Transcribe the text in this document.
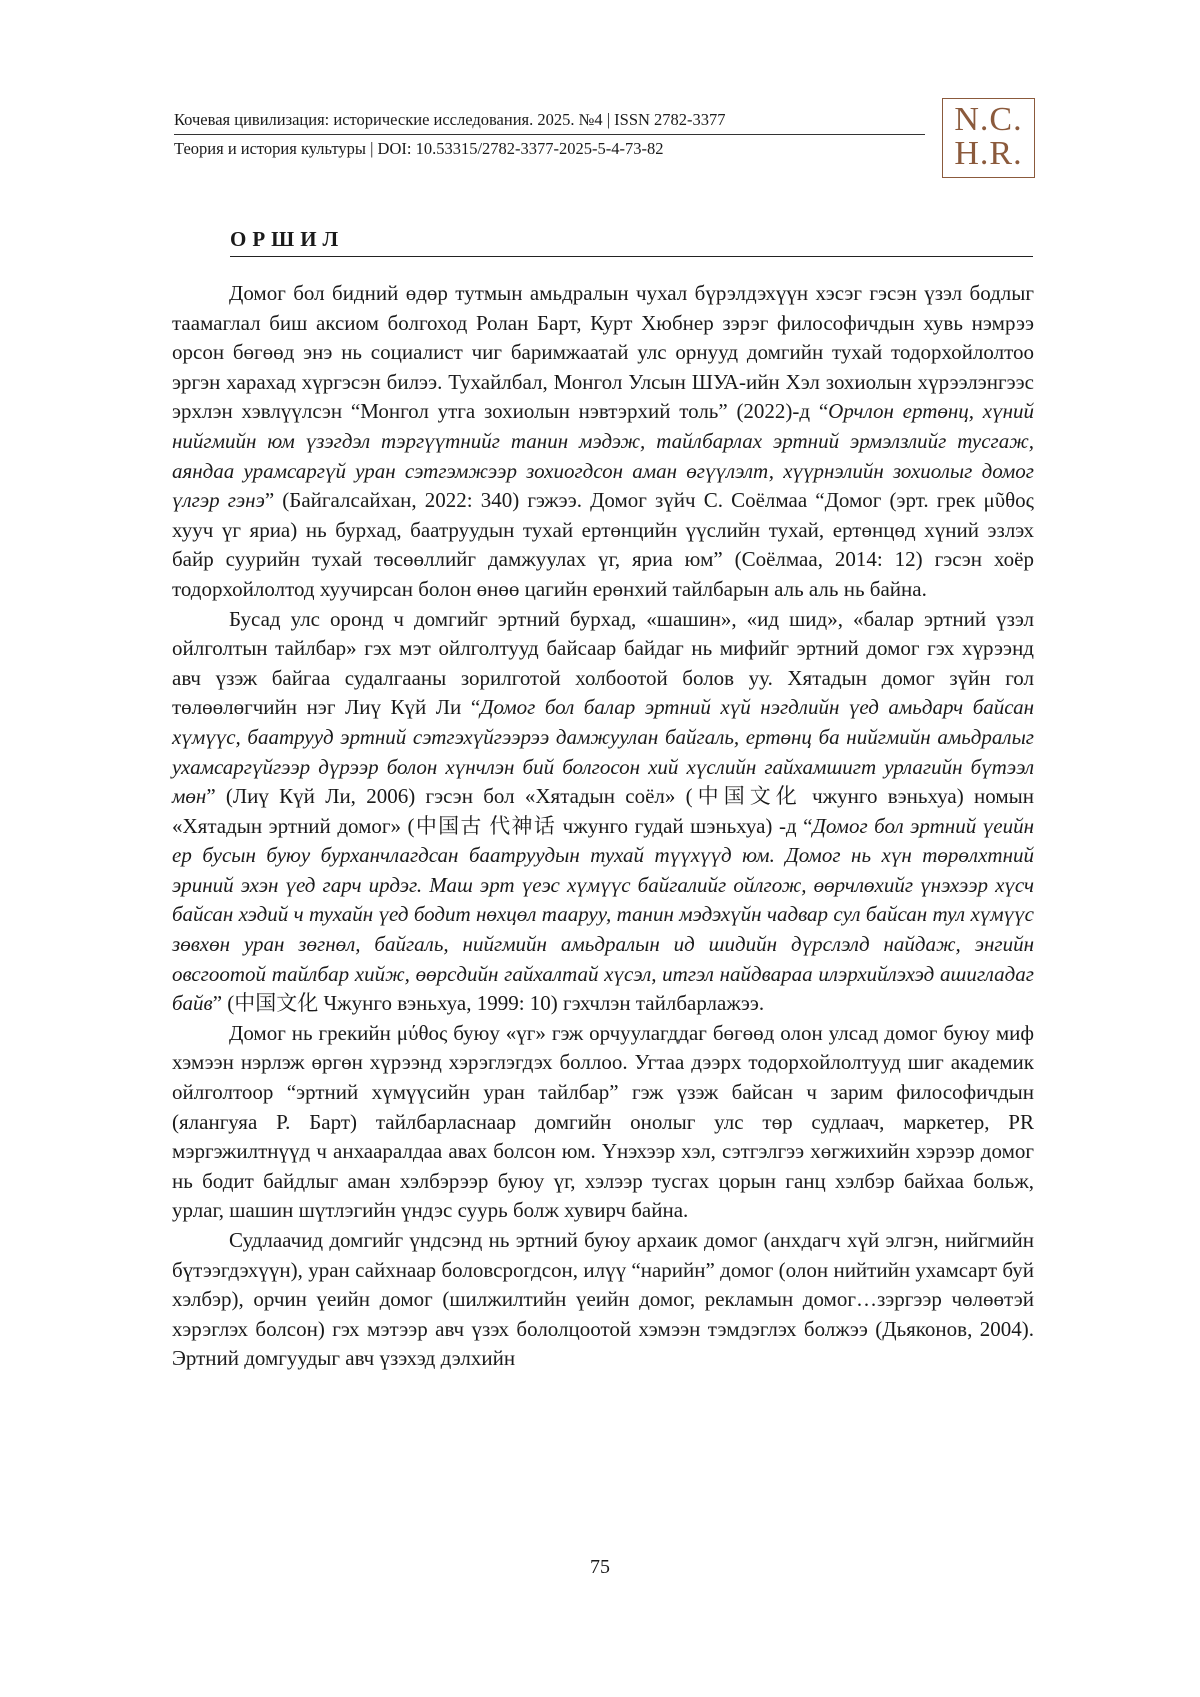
Кочевая цивилизация: исторические исследования. 2025. №4 | ISSN 2782-3377
Теория и история культуры | DOI: 10.53315/2782-3377-2025-5-4-73-82
N.C.
H.R.
ОРШИЛ

Домог бол бидний өдөр тутмын амьдралын чухал бүрэлдэхүүн хэсэг гэсэн үзэл бодлыг таамаглал биш аксиом болгоход Ролан Барт, Курт Хюбнер зэрэг философичдын хувь нэмрээ орсон бөгөөд энэ нь социалист чиг баримжаатай улс орнууд домгийн тухай тодорхойлолтоо эргэн харахад хүргэсэн билээ. Тухайлбал, Монгол Улсын ШУА-ийн Хэл зохиолын хүрээлэнгээс эрхлэн хэвлүүлсэн “Монгол утга зохиолын нэвтэрхий толь” (2022)-д “Орчлон ертөнц, хүний нийгмийн юм үзэгдэл тэргүүтнийг танин мэдэж, тайлбарлах эртний эрмэлзлийг тусгаж, аяндаа урамсаргүй уран сэтгэмжээр зохиогдсон аман өгүүлэлт, хүүрнэлийн зохиолыг домог үлгэр гэнэ” (Байгалсайхан, 2022: 340) гэжээ. Домог зүйч С. Соёлмаа “Домог (эрт. грек μῦθος хууч үг яриа) нь бурхад, баатруудын тухай ертөнцийн үүслийн тухай, ертөнцөд хүний эзлэх байр суурийн тухай төсөөллийг дамжуулах үг, яриа юм” (Соёлмаа, 2014: 12) гэсэн хоёр тодорхойлолтод хуучирсан болон өнөө цагийн ерөнхий тайлбарын аль аль нь байна.

Бусад улс оронд ч домгийг эртний бурхад, «шашин», «ид шид», «балар эртний үзэл ойлголтын тайлбар» гэх мэт ойлголтууд байсаар байдаг нь мифийг эртний домог гэх хүрээнд авч үзэж байгаа судалгааны зорилготой холбоотой болов уу. Хятадын домог зүйн гол төлөөлөгчийн нэг Лиү Күй Ли “Домог бол балар эртний хүй нэгдлийн үед амьдарч байсан хүмүүс, баатрууд эртний сэтгэхүйгээрээ дамжуулан байгаль, ертөнц ба нийгмийн амьдралыг ухамсаргүйгээр дүрээр болон хүнчлэн бий болгосон хий хүслийн гайхамшигт урлагийн бүтээл мөн” (Лиү Күй Ли, 2006) гэсэн бол «Хятадын соёл» (中国文化 чжунго вэньхуа) номын «Хятадын эртний домог» (中国古 代神话 чжунго гудай шэньхуа) -д “Домог бол эртний үеийн ер бусын буюу бурханчлагдсан баатруудын тухай түүхүүд юм. Домог нь хүн төрөлхтний эриний эхэн үед гарч ирдэг. Маш эрт үеэс хүмүүс байгалийг ойлгож, өөрчлөхийг үнэхээр хүсч байсан хэдий ч тухайн үед бодит нөхцөл тааруу, танин мэдэхүйн чадвар сул байсан тул хүмүүс зөвхөн уран зөгнөл, байгаль, нийгмийн амьдралын ид шидийн дүрслэлд найдаж, энгийн овсгоотой тайлбар хийж, өөрсдийн гайхалтай хүсэл, итгэл найдвараа илэрхийлэхэд ашигладаг байв” (中国文化 Чжунго вэньхуа, 1999: 10) гэхчлэн тайлбарлажээ.

Домог нь грекийн μύθος буюу «үг» гэж орчуулагддаг бөгөөд олон улсад домог буюу миф хэмээн нэрлэж өргөн хүрээнд хэрэглэгдэх боллоо. Угтаа дээрх тодорхойлолтууд шиг академик ойлголтоор “эртний хүмүүсийн уран тайлбар” гэж үзэж байсан ч зарим философичдын (ялангуяа Р. Барт) тайлбарласнаар домгийн онолыг улс төр судлаач, маркетер, PR мэргэжилтнүүд ч анхааралдаа авах болсон юм. Үнэхээр хэл, сэтгэлгээ хөгжихийн хэрээр домог нь бодит байдлыг аман хэлбэрээр буюу үг, хэлээр тусгах цорын ганц хэлбэр байхаа больж, урлаг, шашин шүтлэгийн үндэс суурь болж хувирч байна.

Судлаачид домгийг үндсэнд нь эртний буюу архаик домог (анхдагч хүй элгэн, нийгмийн бүтээгдэхүүн), уран сайхнаар боловсрогдсон, илүү “нарийн” домог (олон нийтийн ухамсарт буй хэлбэр), орчин үеийн домог (шилжилтийн үеийн домог, рекламын домог…зэргээр чөлөөтэй хэрэглэх болсон) гэх мэтээр авч үзэх бололцоотой хэмээн тэмдэглэх болжээ (Дьяконов, 2004). Эртний домгуудыг авч үзэхэд дэлхийн

75
